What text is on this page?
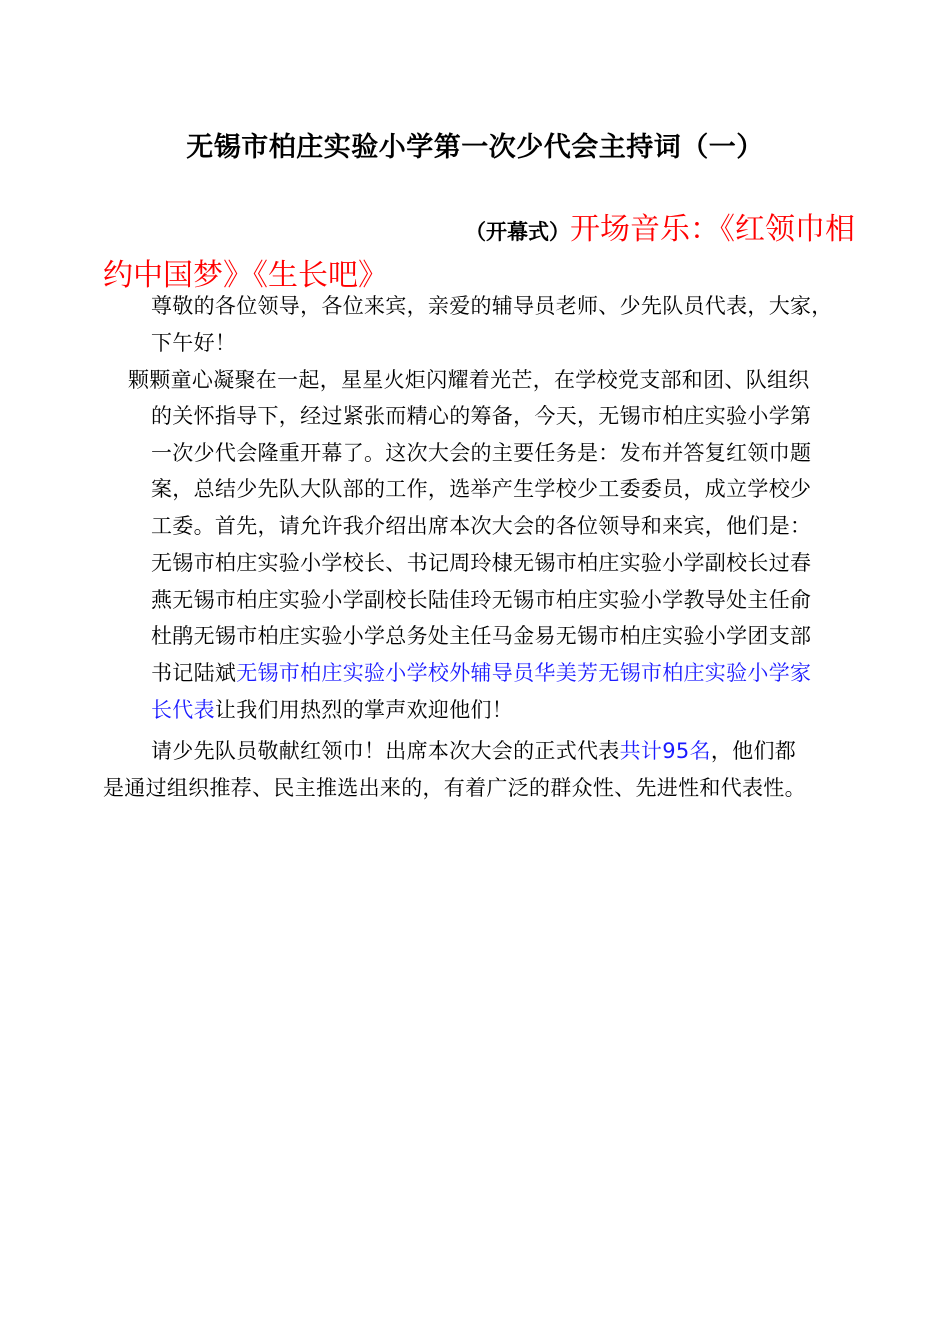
无锡市柏庄实验小学第一次少代会主持词（一）
（开幕式）开场音乐：《红领巾相
约中国梦》《生长吧》
尊敬的各位领导，各位来宾，亲爱的辅导员老师、少先队员代表，大家，
下午好！
颗颗童心凝聚在一起，星星火炬闪耀着光芒，在学校党支部和团、队组织
的关怀指导下，经过紧张而精心的筹备，今天，无锡市柏庄实验小学第
一次少代会隆重开幕了。这次大会的主要任务是：发布并答复红领巾题
案，总结少先队大队部的工作，选举产生学校少工委委员，成立学校少
工委。首先，请允许我介绍出席本次大会的各位领导和来宾，他们是：
无锡市柏庄实验小学校长、书记周玲棣无锡市柏庄实验小学副校长过春
燕无锡市柏庄实验小学副校长陆佳玲无锡市柏庄实验小学教导处主任俞
杜鹃无锡市柏庄实验小学总务处主任马金易无锡市柏庄实验小学团支部
书记陆斌无锡市柏庄实验小学校外辅导员华美芳无锡市柏庄实验小学家
长代表让我们用热烈的掌声欢迎他们！
请少先队员敬献红领巾！出席本次大会的正式代表共计95名，他们都
是通过组织推荐、民主推选出来的，有着广泛的群众性、先进性和代表性。
